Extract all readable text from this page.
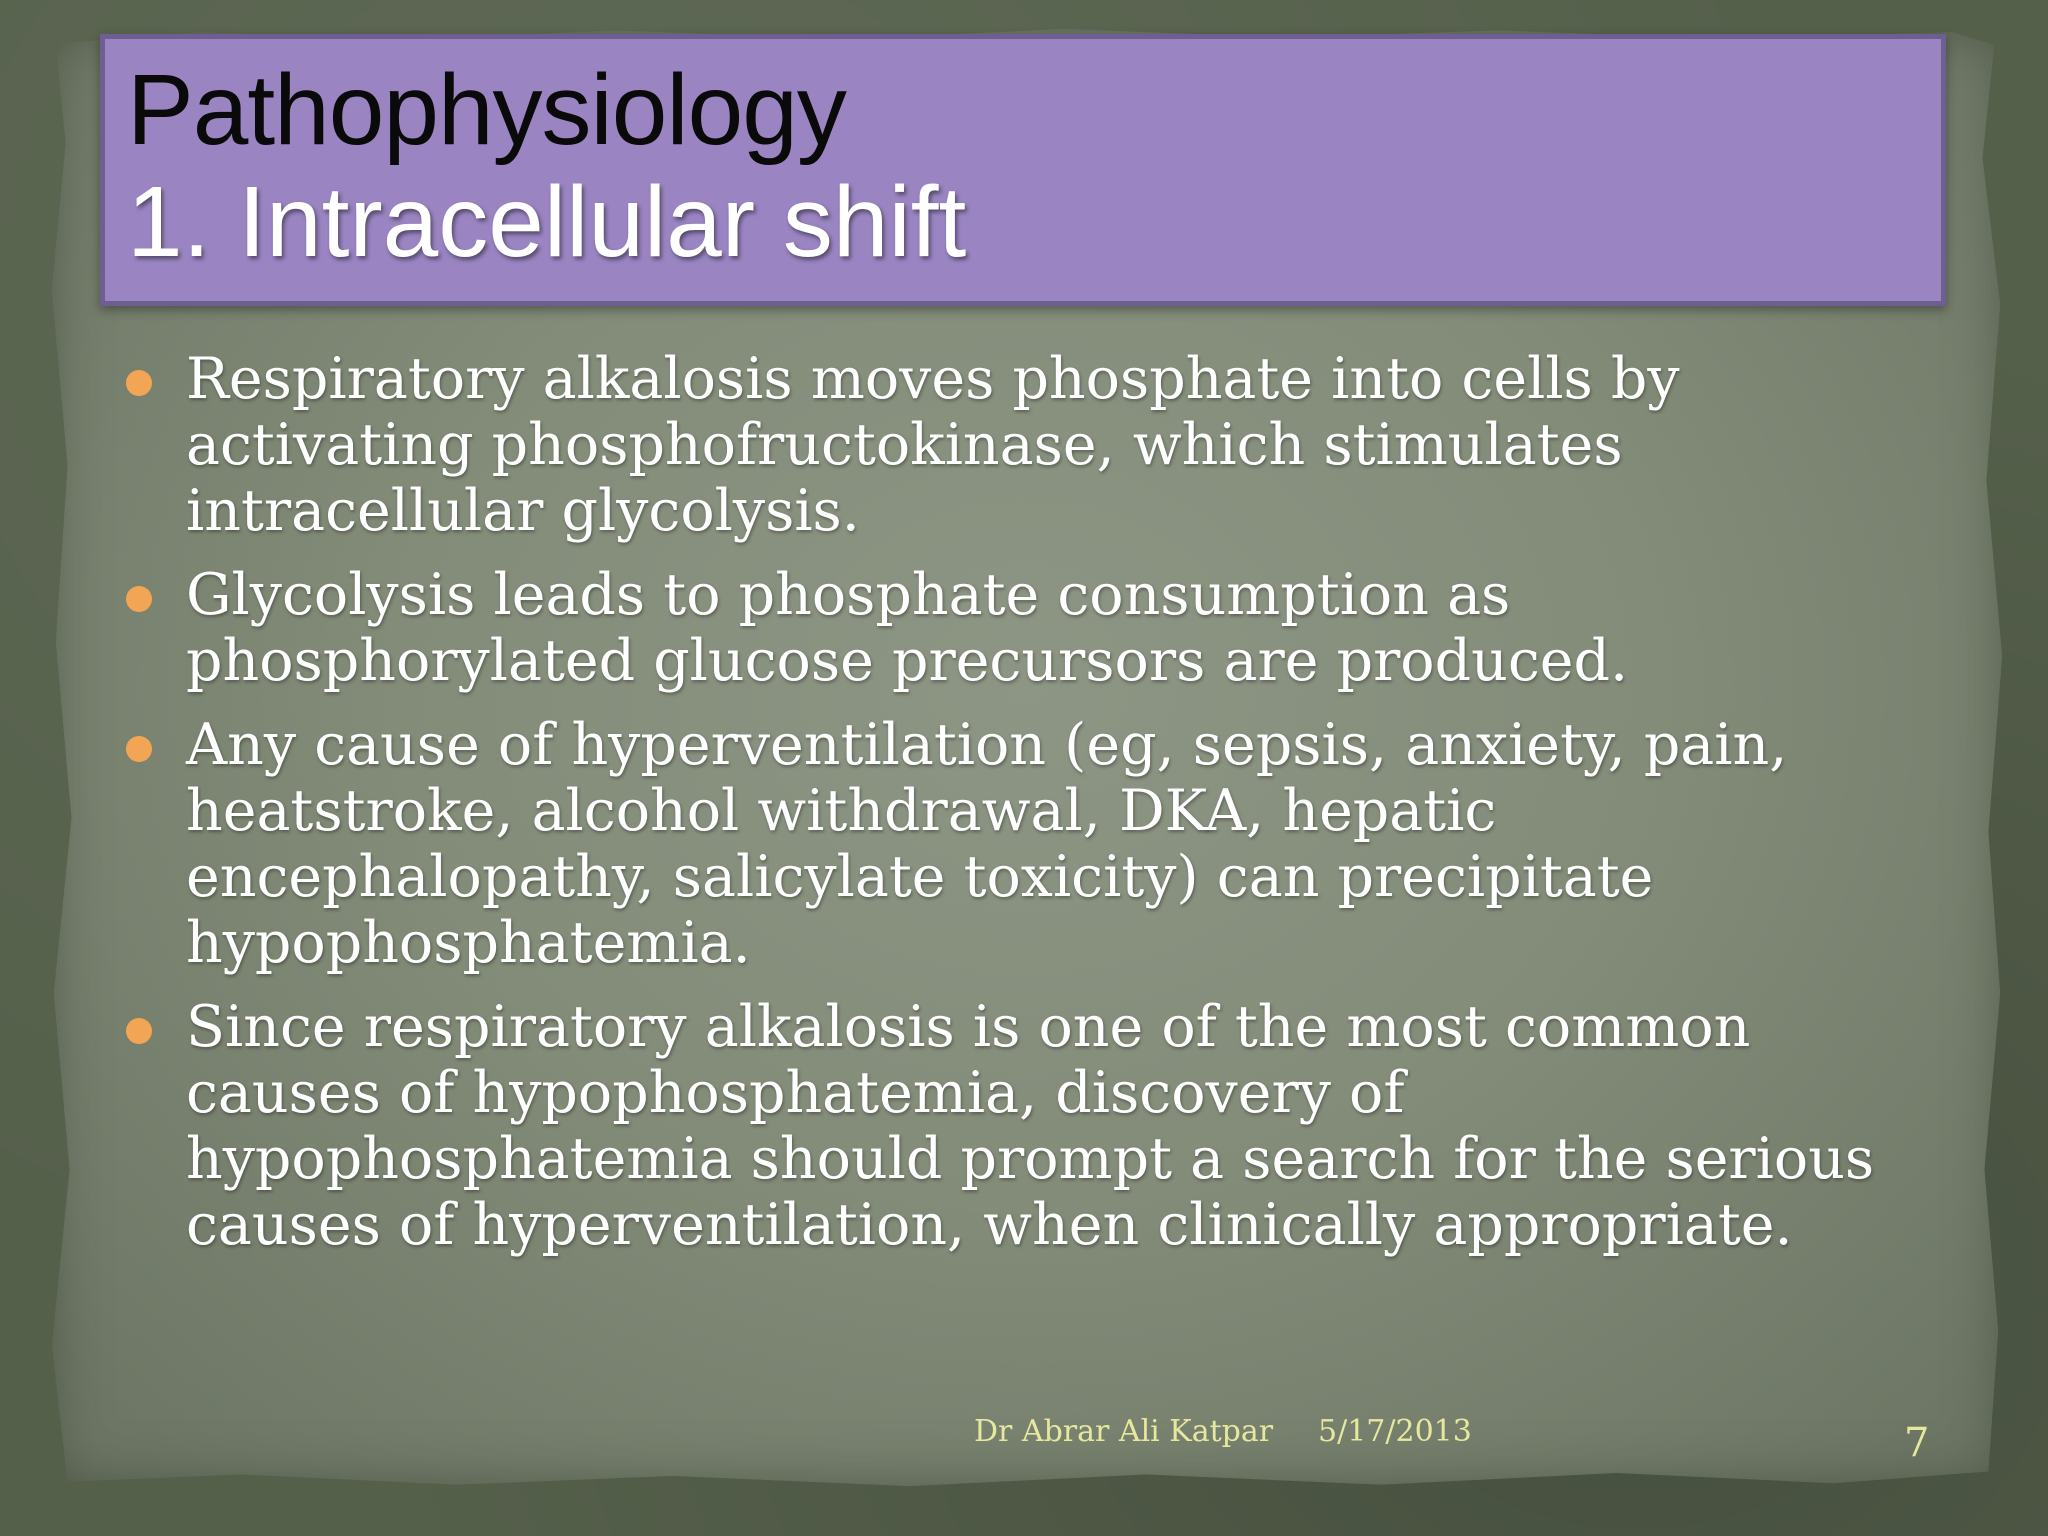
Pathophysiology
1. Intracellular shift
Respiratory alkalosis moves phosphate into cells by activating phosphofructokinase, which stimulates intracellular glycolysis.
Glycolysis leads to phosphate consumption as phosphorylated glucose precursors are produced.
Any cause of hyperventilation (eg, sepsis, anxiety, pain, heatstroke, alcohol withdrawal, DKA, hepatic encephalopathy, salicylate toxicity) can precipitate hypophosphatemia.
Since respiratory alkalosis is one of the most common causes of hypophosphatemia, discovery of hypophosphatemia should prompt a search for the serious causes of hyperventilation, when clinically appropriate.
Dr Abrar Ali Katpar 5/17/2013	7
